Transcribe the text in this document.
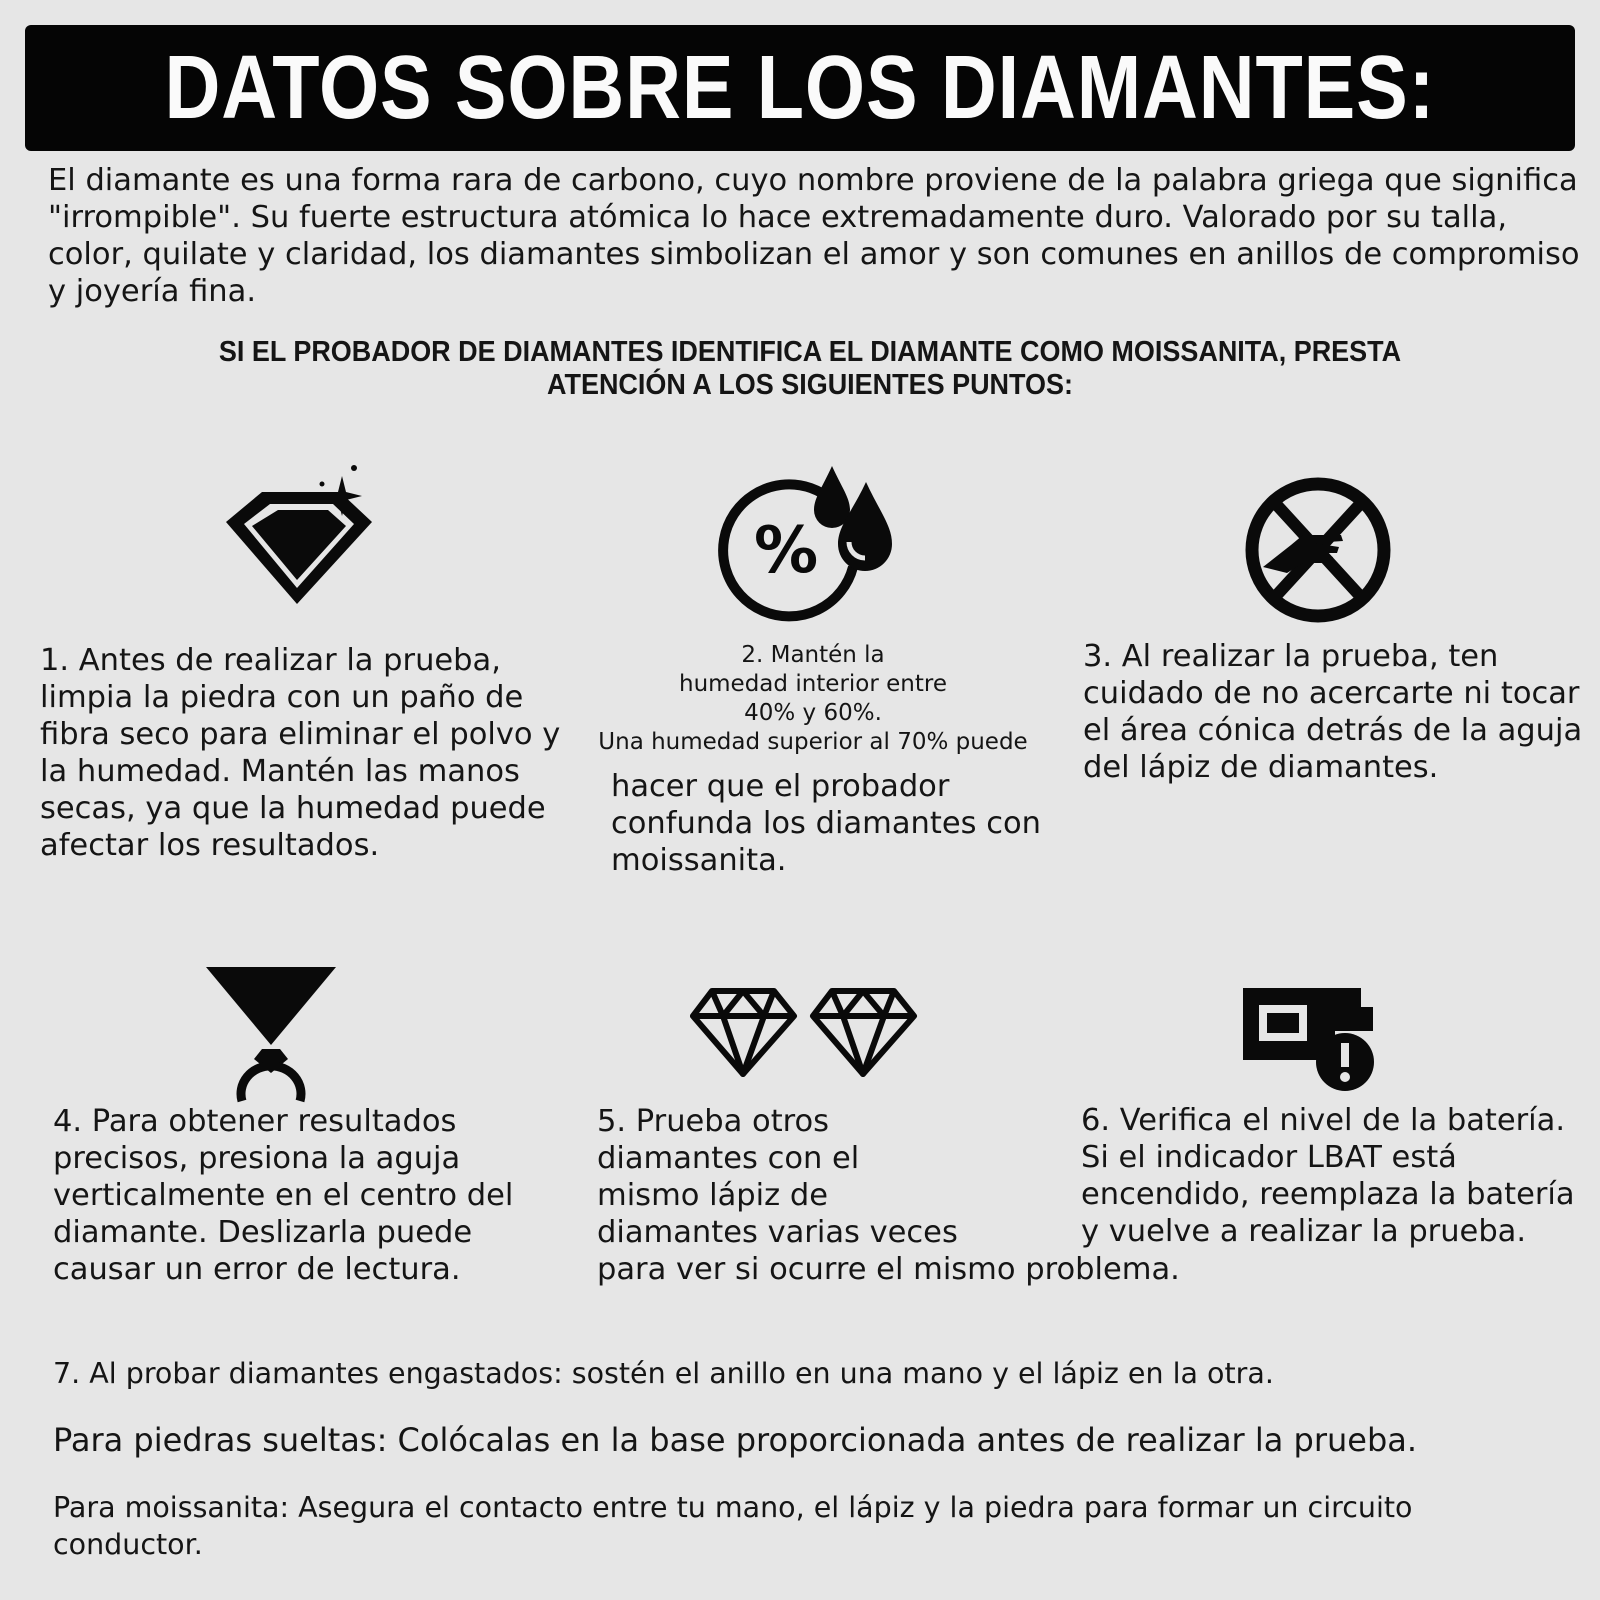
DATOS SOBRE LOS DIAMANTES:
El diamante es una forma rara de carbono, cuyo nombre proviene de la palabra griega que significa "irrompible". Su fuerte estructura atómica lo hace extremadamente duro. Valorado por su talla, color, quilate y claridad, los diamantes simbolizan el amor y son comunes en anillos de compromiso y joyería fina.
SI EL PROBADOR DE DIAMANTES IDENTIFICA EL DIAMANTE COMO MOISSANITA, PRESTA ATENCIÓN A LOS SIGUIENTES PUNTOS:
%
1. Antes de realizar la prueba, limpia la piedra con un paño de fibra seco para eliminar el polvo y la humedad. Mantén las manos secas, ya que la humedad puede afectar los resultados.
2. Mantén la
humedad interior entre
40% y 60%.
Una humedad superior al 70% puede
hacer que el probador confunda los diamantes con moissanita.
3. Al realizar la prueba, ten cuidado de no acercarte ni tocar el área cónica detrás de la aguja del lápiz de diamantes.
4. Para obtener resultados precisos, presiona la aguja verticalmente en el centro del diamante. Deslizarla puede causar un error de lectura.
5. Prueba otros
diamantes con el
mismo lápiz de
diamantes varias veces
para ver si ocurre el mismo problema.
6. Verifica el nivel de la batería. Si el indicador LBAT está encendido, reemplaza la batería y vuelve a realizar la prueba.
7. Al probar diamantes engastados: sostén el anillo en una mano y el lápiz en la otra.
Para piedras sueltas: Colócalas en la base proporcionada antes de realizar la prueba.
Para moissanita: Asegura el contacto entre tu mano, el lápiz y la piedra para formar un circuito conductor.
